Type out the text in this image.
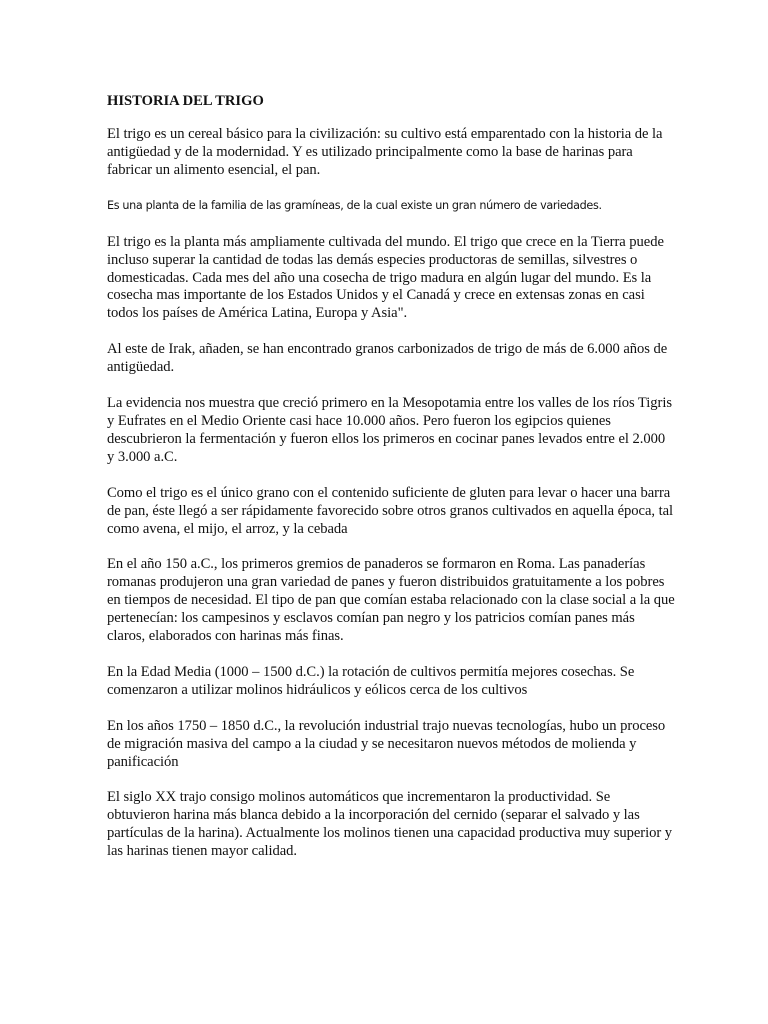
HISTORIA DEL TRIGO

El trigo es un cereal básico para la civilización: su cultivo está emparentado con la historia de la antigüedad y de la modernidad. Y es utilizado principalmente como la base de harinas para fabricar un alimento esencial, el pan.

Es una planta de la familia de las gramíneas, de la cual existe un gran número de variedades.

El trigo es la planta más ampliamente cultivada del mundo. El trigo que crece en la Tierra puede incluso superar la cantidad de todas las demás especies productoras de semillas, silvestres o domesticadas. Cada mes del año una cosecha de trigo madura en algún lugar del mundo. Es la cosecha mas importante de los Estados Unidos y el Canadá y crece en extensas zonas en casi todos los países de América Latina, Europa y Asia".

Al este de Irak, añaden, se han encontrado granos carbonizados de trigo de más de 6.000 años de antigüedad.

La evidencia nos muestra que creció primero en la Mesopotamia entre los valles de los ríos Tigris y Eufrates en el Medio Oriente casi hace 10.000 años. Pero fueron los egipcios quienes descubrieron la fermentación y fueron ellos los primeros en cocinar panes levados entre el 2.000 y 3.000 a.C.

Como el trigo es el único grano con el contenido suficiente de gluten para levar o hacer una barra de pan, éste llegó a ser rápidamente favorecido sobre otros granos cultivados en aquella época, tal como avena, el mijo, el arroz, y la cebada

En el año 150 a.C., los primeros gremios de panaderos se formaron en Roma. Las panaderías romanas produjeron una gran variedad de panes y fueron distribuidos gratuitamente a los pobres en tiempos de necesidad. El tipo de pan que comían estaba relacionado con la clase social a la que pertenecían: los campesinos y esclavos comían pan negro y los patricios comían panes más claros, elaborados con harinas más finas.

En la Edad Media (1000 – 1500 d.C.) la rotación de cultivos permitía mejores cosechas. Se comenzaron a utilizar molinos hidráulicos y eólicos cerca de los cultivos

En los años 1750 – 1850 d.C., la revolución industrial trajo nuevas tecnologías, hubo un proceso de migración masiva del campo a la ciudad y se necesitaron nuevos métodos de molienda y panificación

El siglo XX trajo consigo molinos automáticos que incrementaron la productividad. Se obtuvieron harina más blanca debido a la incorporación del cernido (separar el salvado y las partículas de la harina). Actualmente los molinos tienen una capacidad productiva muy superior y las harinas tienen mayor calidad.
